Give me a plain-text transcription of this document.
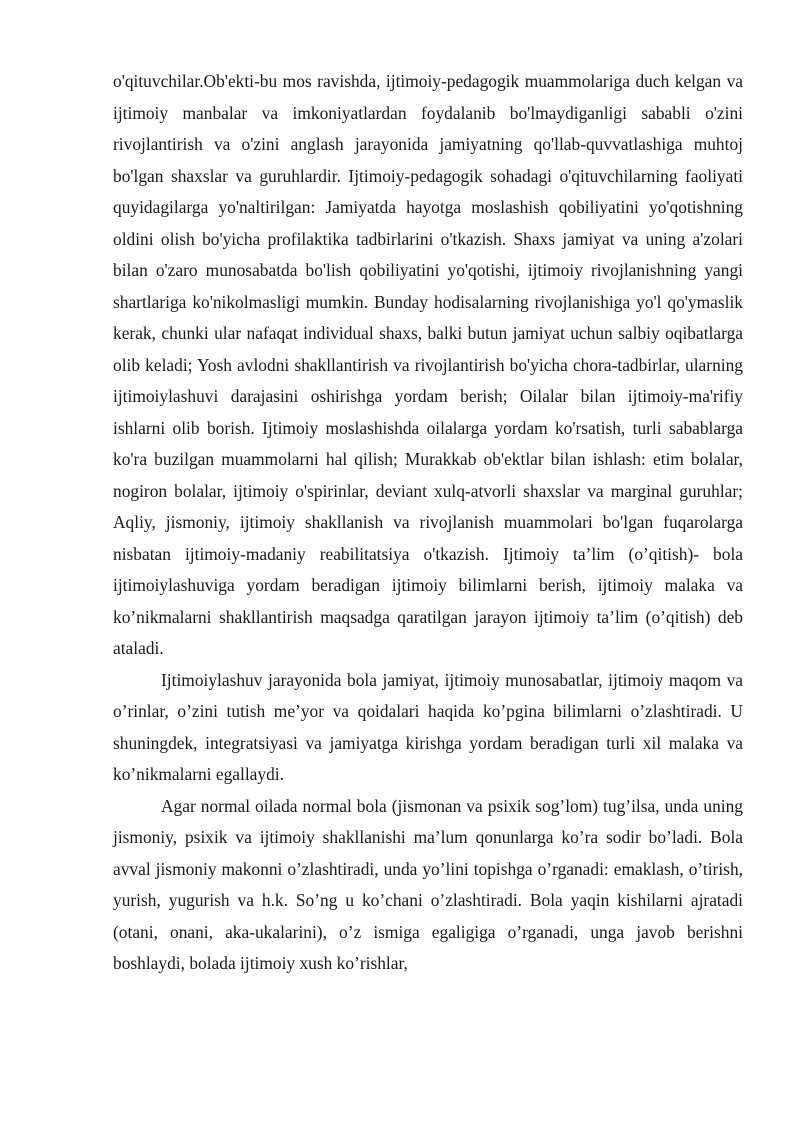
o'qituvchilar.Ob'ekti-bu mos ravishda, ijtimoiy-pedagogik muammolariga duch kelgan va ijtimoiy manbalar va imkoniyatlardan foydalanib bo'lmaydiganligi sababli o'zini rivojlantirish va o'zini anglash jarayonida jamiyatning qo'llab-quvvatlashiga muhtoj bo'lgan shaxslar va guruhlardir. Ijtimoiy-pedagogik sohadagi o'qituvchilarning faoliyati quyidagilarga yo'naltirilgan: Jamiyatda hayotga moslashish qobiliyatini yo'qotishning oldini olish bo'yicha profilaktika tadbirlarini o'tkazish. Shaxs jamiyat va uning a'zolari bilan o'zaro munosabatda bo'lish qobiliyatini yo'qotishi, ijtimoiy rivojlanishning yangi shartlariga ko'nikolmasligi mumkin. Bunday hodisalarning rivojlanishiga yo'l qo'ymaslik kerak, chunki ular nafaqat individual shaxs, balki butun jamiyat uchun salbiy oqibatlarga olib keladi; Yosh avlodni shakllantirish va rivojlantirish bo'yicha chora-tadbirlar, ularning ijtimoiylashuvi darajasini oshirishga yordam berish; Oilalar bilan ijtimoiy-ma'rifiy ishlarni olib borish. Ijtimoiy moslashishda oilalarga yordam ko'rsatish, turli sabablarga ko'ra buzilgan muammolarni hal qilish; Murakkab ob'ektlar bilan ishlash: etim bolalar, nogiron bolalar, ijtimoiy o'spirinlar, deviant xulq-atvorli shaxslar va marginal guruhlar; Aqliy, jismoniy, ijtimoiy shakllanish va rivojlanish muammolari bo'lgan fuqarolarga nisbatan ijtimoiy-madaniy reabilitatsiya o'tkazish. Ijtimoiy ta’lim (o’qitish)- bola ijtimoiylashuviga yordam beradigan ijtimoiy bilimlarni berish, ijtimoiy malaka va ko’nikmalarni shakllantirish maqsadga qaratilgan jarayon ijtimoiy ta’lim (o’qitish) deb ataladi.

Ijtimoiylashuv jarayonida bola jamiyat, ijtimoiy munosabatlar, ijtimoiy maqom va o’rinlar, o’zini tutish me’yor va qoidalari haqida ko’pgina bilimlarni o’zlashtiradi. U shuningdek, integratsiyasi va jamiyatga kirishga yordam beradigan turli xil malaka va ko’nikmalarni egallaydi.

Agar normal oilada normal bola (jismonan va psixik sog’lom) tug’ilsa, unda uning jismoniy, psixik va ijtimoiy shakllanishi ma’lum qonunlarga ko’ra sodir bo’ladi. Bola avval jismoniy makonni o’zlashtiradi, unda yo’lini topishga o’rganadi: emaklash, o’tirish, yurish, yugurish va h.k. So’ng u ko’chani o’zlashtiradi. Bola yaqin kishilarni ajratadi (otani, onani, aka-ukalarini), o’z ismiga egaligiga o’rganadi, unga javob berishni boshlaydi, bolada ijtimoiy xush ko’rishlar,
